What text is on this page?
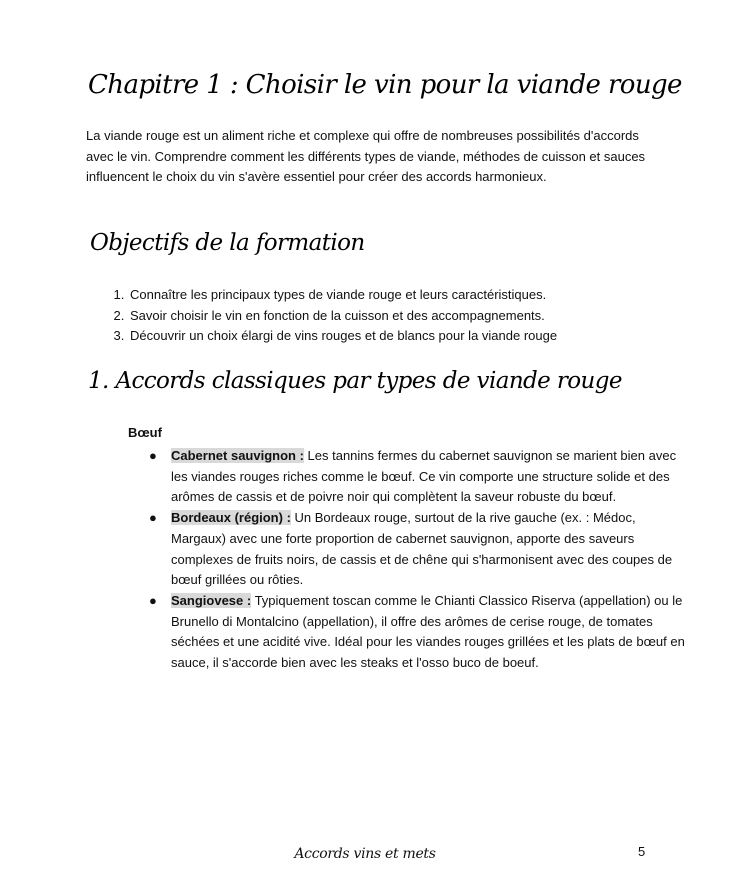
Chapitre 1 : Choisir le vin pour la viande rouge

La viande rouge est un aliment riche et complexe qui offre de nombreuses possibilités d'accords avec le vin. Comprendre comment les différents types de viande, méthodes de cuisson et sauces influencent le choix du vin s'avère essentiel pour créer des accords harmonieux.

Objectifs de la formation
1. Connaître les principaux types de viande rouge et leurs caractéristiques.
2. Savoir choisir le vin en fonction de la cuisson et des accompagnements.
3. Découvrir un choix élargi de vins rouges et de blancs pour la viande rouge
1. Accords classiques par types de viande rouge

Bœuf

● Cabernet sauvignon : Les tannins fermes du cabernet sauvignon se marient bien avec les viandes rouges riches comme le bœuf. Ce vin comporte une structure solide et des arômes de cassis et de poivre noir qui complètent la saveur robuste du bœuf.
● Bordeaux (région) : Un Bordeaux rouge, surtout de la rive gauche (ex. : Médoc, Margaux) avec une forte proportion de cabernet sauvignon, apporte des saveurs complexes de fruits noirs, de cassis et de chêne qui s'harmonisent avec des coupes de bœuf grillées ou rôties.
● Sangiovese : Typiquement toscan comme le Chianti Classico Riserva (appellation) ou le Brunello di Montalcino (appellation), il offre des arômes de cerise rouge, de tomates séchées et une acidité vive. Idéal pour les viandes rouges grillées et les plats de bœuf en sauce, il s'accorde bien avec les steaks et l'osso buco de boeuf.

Accords vins et mets	5
